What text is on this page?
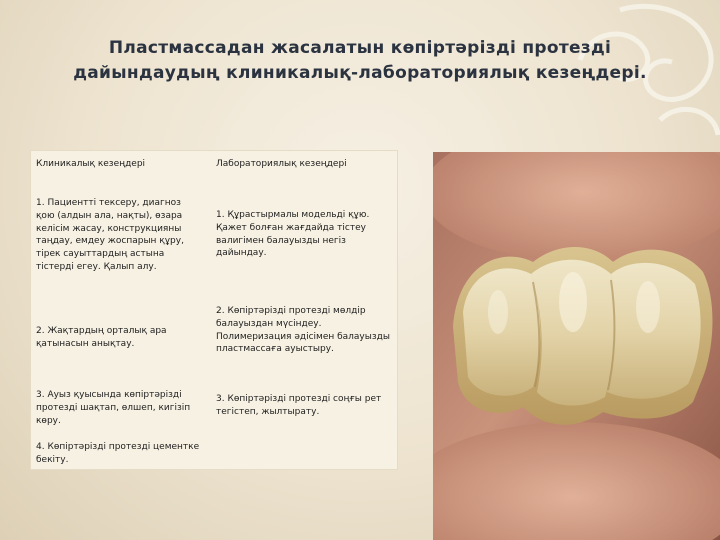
Пластмассадан жасалатын көпіртәрізді протезді дайындаудың клиникалық-лабораториялық кезеңдері.
Клиникалық кезеңдері
1. Пациентті тексеру, диагноз қою (алдын ала, нақты), өзара келісім жасау, конструкцияны таңдау, емдеу жоспарын құру, тірек сауыттардың астына тістерді егеу. Қалып алу.
2. Жақтардың орталық ара қатынасын анықтау.
3. Ауыз қуысында көпіртәрізді протезді шақтап, өлшеп, кигізіп көру.
4. Көпіртәрізді протезді цементке бекіту.
Лабораториялық кезеңдері
1. Құрастырмалы модельді құю. Қажет болған жағдайда тістеу валигімен балауызды негіз дайындау.
2. Көпіртәрізді протезді мөлдір балауыздан мүсіндеу. Полимеризация әдісімен балауызды пластмассаға ауыстыру.
3. Көпіртәрізді протезді соңғы рет тегістеп, жылтырату.
